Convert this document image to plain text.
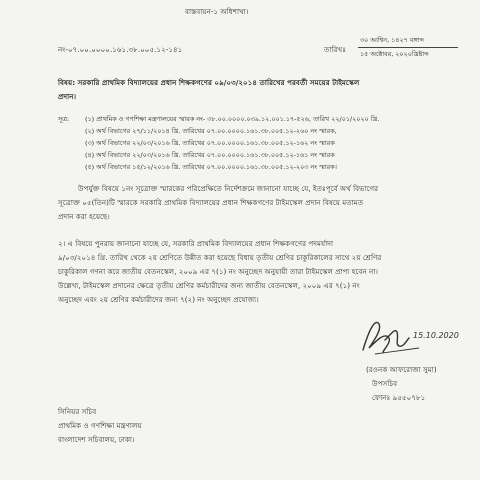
বাস্তবায়ন-১ অধিশাখা।
নং-০৭.০০.০০০০.১৬১.৩৮.০০৫.১২-১৪১	তারিখঃ
৩০ আশ্বিন, ১৪২৭ বঙ্গাব্দ
১৫ অক্টোবর, ২০২০খ্রিষ্টাব্দ
বিষয়: সরকারি প্রাথমিক বিদ্যালয়ের প্রধান শিক্ষকগণের ০৯/০৩/২০১৪ তারিখের পরবর্তী সময়ের টাইমস্কেল
প্রদান।
সূত্র: (১) প্রাথমিক ও গণশিক্ষা মন্ত্রণালয়ের স্মারক নং- ৩৮.০০.০০০০.০৩৯.১২.০০১.১৭-৫২৬, তারিখ ২২/০১/২০২০ খ্রি.
(২) অর্থ বিভাগের ২৭/১১/২০১৪ খ্রি. তারিখের ০৭.০০.০০০০.১৬১.৩৮.০০৫.১২-২৬০ নং স্মারক,
(৩) অর্থ বিভাগের ২২/০৩/২০১৬ খ্রি. তারিখের ০৭.০০.০০০০.১৬১.৩৮.০০৫.১২-১৬২ নং স্মারক
(৪) অর্থ বিভাগের ২২/০৩/২০১৬ খ্রি. তারিখের ০৭.০০.০০০০.১৬১.৩৮.০০৫.১২-১৬১ নং স্মারক
(৫) অর্থ বিভাগের ১৫/১২/২০১৬ খ্রি. তারিখের ০৭.০০.০০০০.১৬১.৩৮.০০৫.১২-২০৩ নং স্মারক।
উপর্যুক্ত বিষয়ে ১নং সূত্রোক্ত স্মারকের পরিপ্রেক্ষিতে নির্দেশক্রমে জানানো যাচ্ছে যে, ইতঃপূর্বে অর্থ বিভাগের
সূত্রোক্ত ০৫(তিন)টি স্মারকে সরকারি প্রাথমিক বিদ্যালয়ের প্রধান শিক্ষকগণের টাইমস্কেল প্রদান বিষয়ে মতামত
প্রদান করা হয়েছে।
২। এ বিষয়ে পুনরায় জানানো যাচ্ছে যে, সরকারি প্রাথমিক বিদ্যালয়ের প্রধান শিক্ষকগণের পদমর্যাদা
৯/০৩/২০১৪ খ্রি. তারিখ থেকে ২য় শ্রেণিতে উন্নীত করা হয়েছে বিধায় তৃতীয় শ্রেণির চাকুরিকালের সাথে ২য় শ্রেণির
চাকুরিকাল গণনা করে জাতীয় বেতনস্কেল, ২০০৯ এর ৭(১) নং অনুচ্ছেদ অনুযায়ী তারা টাইমস্কেল প্রাপ্য হবেন না।
উল্লেখ্য, টাইমস্কেল প্রদানের ক্ষেত্রে তৃতীয় শ্রেণির কর্মচারীদের জন্য জাতীয় বেতনস্কেল, ২০০৯ এর ৭(১) নং
অনুচ্ছেদ এবং ২য় শ্রেণির কর্মচারীদের জন্য ৭(২) নং অনুচ্ছেদ প্রযোজ্য।
15.10.2020
(রওনক আফরোজা সুমা)
উপসচিব
ফোনঃ ৯৫৫০৭৮১
সিনিয়র সচিব
প্রাথমিক ও গণশিক্ষা মন্ত্রণালয়
বাংলাদেশ সচিবালয়, ঢাকা।
